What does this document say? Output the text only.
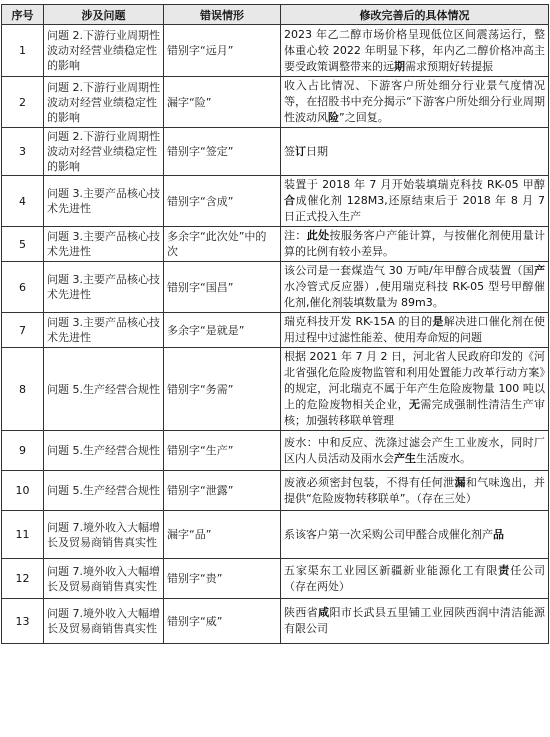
序号	涉及问题	错误情形	修改完善后的具体情况
1	问题 2.下游行业周期性波动对经营业绩稳定性的影响	错别字“远月”	2023 年乙二醇市场价格呈现低位区间震荡运行，整体重心较 2022 年明显下移，年内乙二醇价格冲高主要受政策调整带来的远期需求预期好转提振
2	问题 2.下游行业周期性波动对经营业绩稳定性的影响	漏字“险”	收入占比情况、下游客户所处细分行业景气度情况等，在招股书中充分揭示“下游客户所处细分行业周期性波动风险”之回复。
3	问题 2.下游行业周期性波动对经营业绩稳定性的影响	错别字“签定”	签订日期
4	问题 3.主要产品核心技术先进性	错别字“含成”	装置于 2018 年 7 月开始装填瑞克科技 RK-05 甲醇合成催化剂 128M3,还原结束后于 2018 年 8 月 7 日正式投入生产
5	问题 3.主要产品核心技术先进性	多余字“此次处”中的次	注：此处按服务客户产能计算，与按催化剂使用量计算的比例有较小差异。
6	问题 3.主要产品核心技术先进性	错别字“国昌”	该公司是一套煤造气 30 万吨/年甲醇合成装置（国产水冷管式反应器）,使用瑞克科技 RK-05 型号甲醇催化剂,催化剂装填数量为 89m3。
7	问题 3.主要产品核心技术先进性	多余字“是就是”	瑞克科技开发 RK-15A 的目的是解决进口催化剂在使用过程中过滤性能差、使用寿命短的问题
8	问题 5.生产经营合规性	错别字“务需”	根据 2021 年 7 月 2 日，河北省人民政府印发的《河北省强化危险废物监管和利用处置能力改革行动方案》的规定，河北瑞克不属于年产生危险废物量 100 吨以上的危险废物相关企业，无需完成强制性清洁生产审核；加强转移联单管理
9	问题 5.生产经营合规性	错别字“生产”	废水：中和反应、洗涤过滤会产生工业废水，同时厂区内人员活动及雨水会产生生活废水。
10	问题 5.生产经营合规性	错别字“泄露”	废液必须密封包装，不得有任何泄漏和气味逸出，并提供“危险废物转移联单”。（存在三处）
11	问题 7.境外收入大幅增长及贸易商销售真实性	漏字“品”	系该客户第一次采购公司甲醛合成催化剂产品
12	问题 7.境外收入大幅增长及贸易商销售真实性	错别字“贵”	五家渠东工业园区新疆新业能源化工有限责任公司（存在两处）
13	问题 7.境外收入大幅增长及贸易商销售真实性	错别字“威”	陕西省咸阳市长武县五里铺工业园陕西润中清洁能源有限公司
